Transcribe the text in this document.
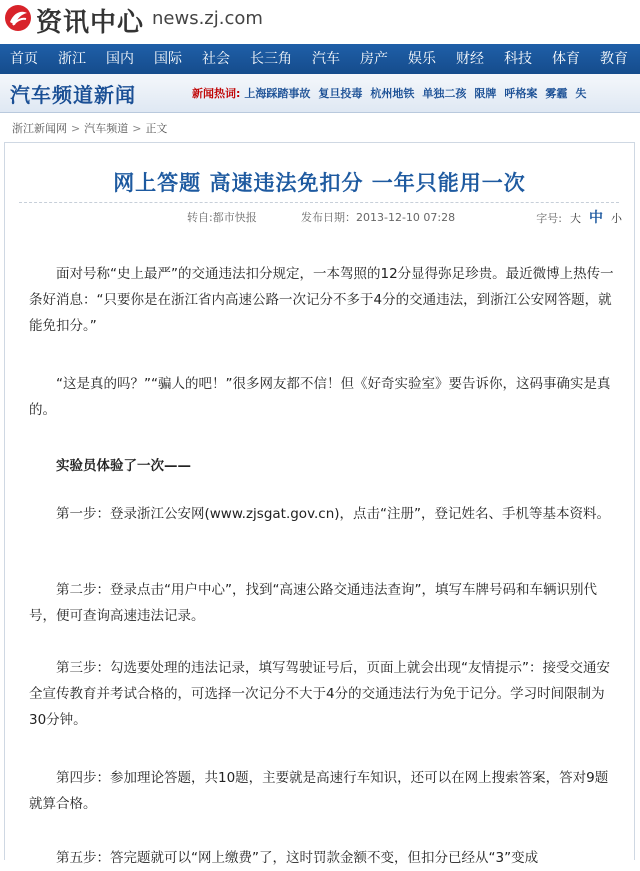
资讯中心 news.zj.com
首页	浙江	国内	国际	社会	长三角	汽车	房产	娱乐	财经	科技	体育	教育
汽车频道新闻	新闻热词: 上海踩踏事故 复旦投毒 杭州地铁 单独二孩 限牌 呼格案 雾霾 失
浙江新闻网 > 汽车频道 > 正文
网上答题 高速违法免扣分 一年只能用一次
转自:都市快报	发布日期：2013-12-10 07:28	字号: 大 中 小
面对号称“史上最严”的交通违法扣分规定，一本驾照的12分显得弥足珍贵。最近微博上热传一条好消息：“只要你是在浙江省内高速公路一次记分不多于4分的交通违法，到浙江公安网答题，就能免扣分。”
“这是真的吗？”“骗人的吧！”很多网友都不信！但《好奇实验室》要告诉你，这码事确实是真的。
实验员体验了一次——
第一步：登录浙江公安网(www.zjsgat.gov.cn)，点击“注册”，登记姓名、手机等基本资料。
第二步：登录点击“用户中心”，找到“高速公路交通违法查询”，填写车牌号码和车辆识别代号，便可查询高速违法记录。
第三步：勾选要处理的违法记录，填写驾驶证号后，页面上就会出现“友情提示”：接受交通安全宣传教育并考试合格的，可选择一次记分不大于4分的交通违法行为免于记分。学习时间限制为30分钟。
第四步：参加理论答题，共10题，主要就是高速行车知识，还可以在网上搜索答案，答对9题就算合格。
第五步：答完题就可以“网上缴费”了，这时罚款金额不变，但扣分已经从“3”变成
